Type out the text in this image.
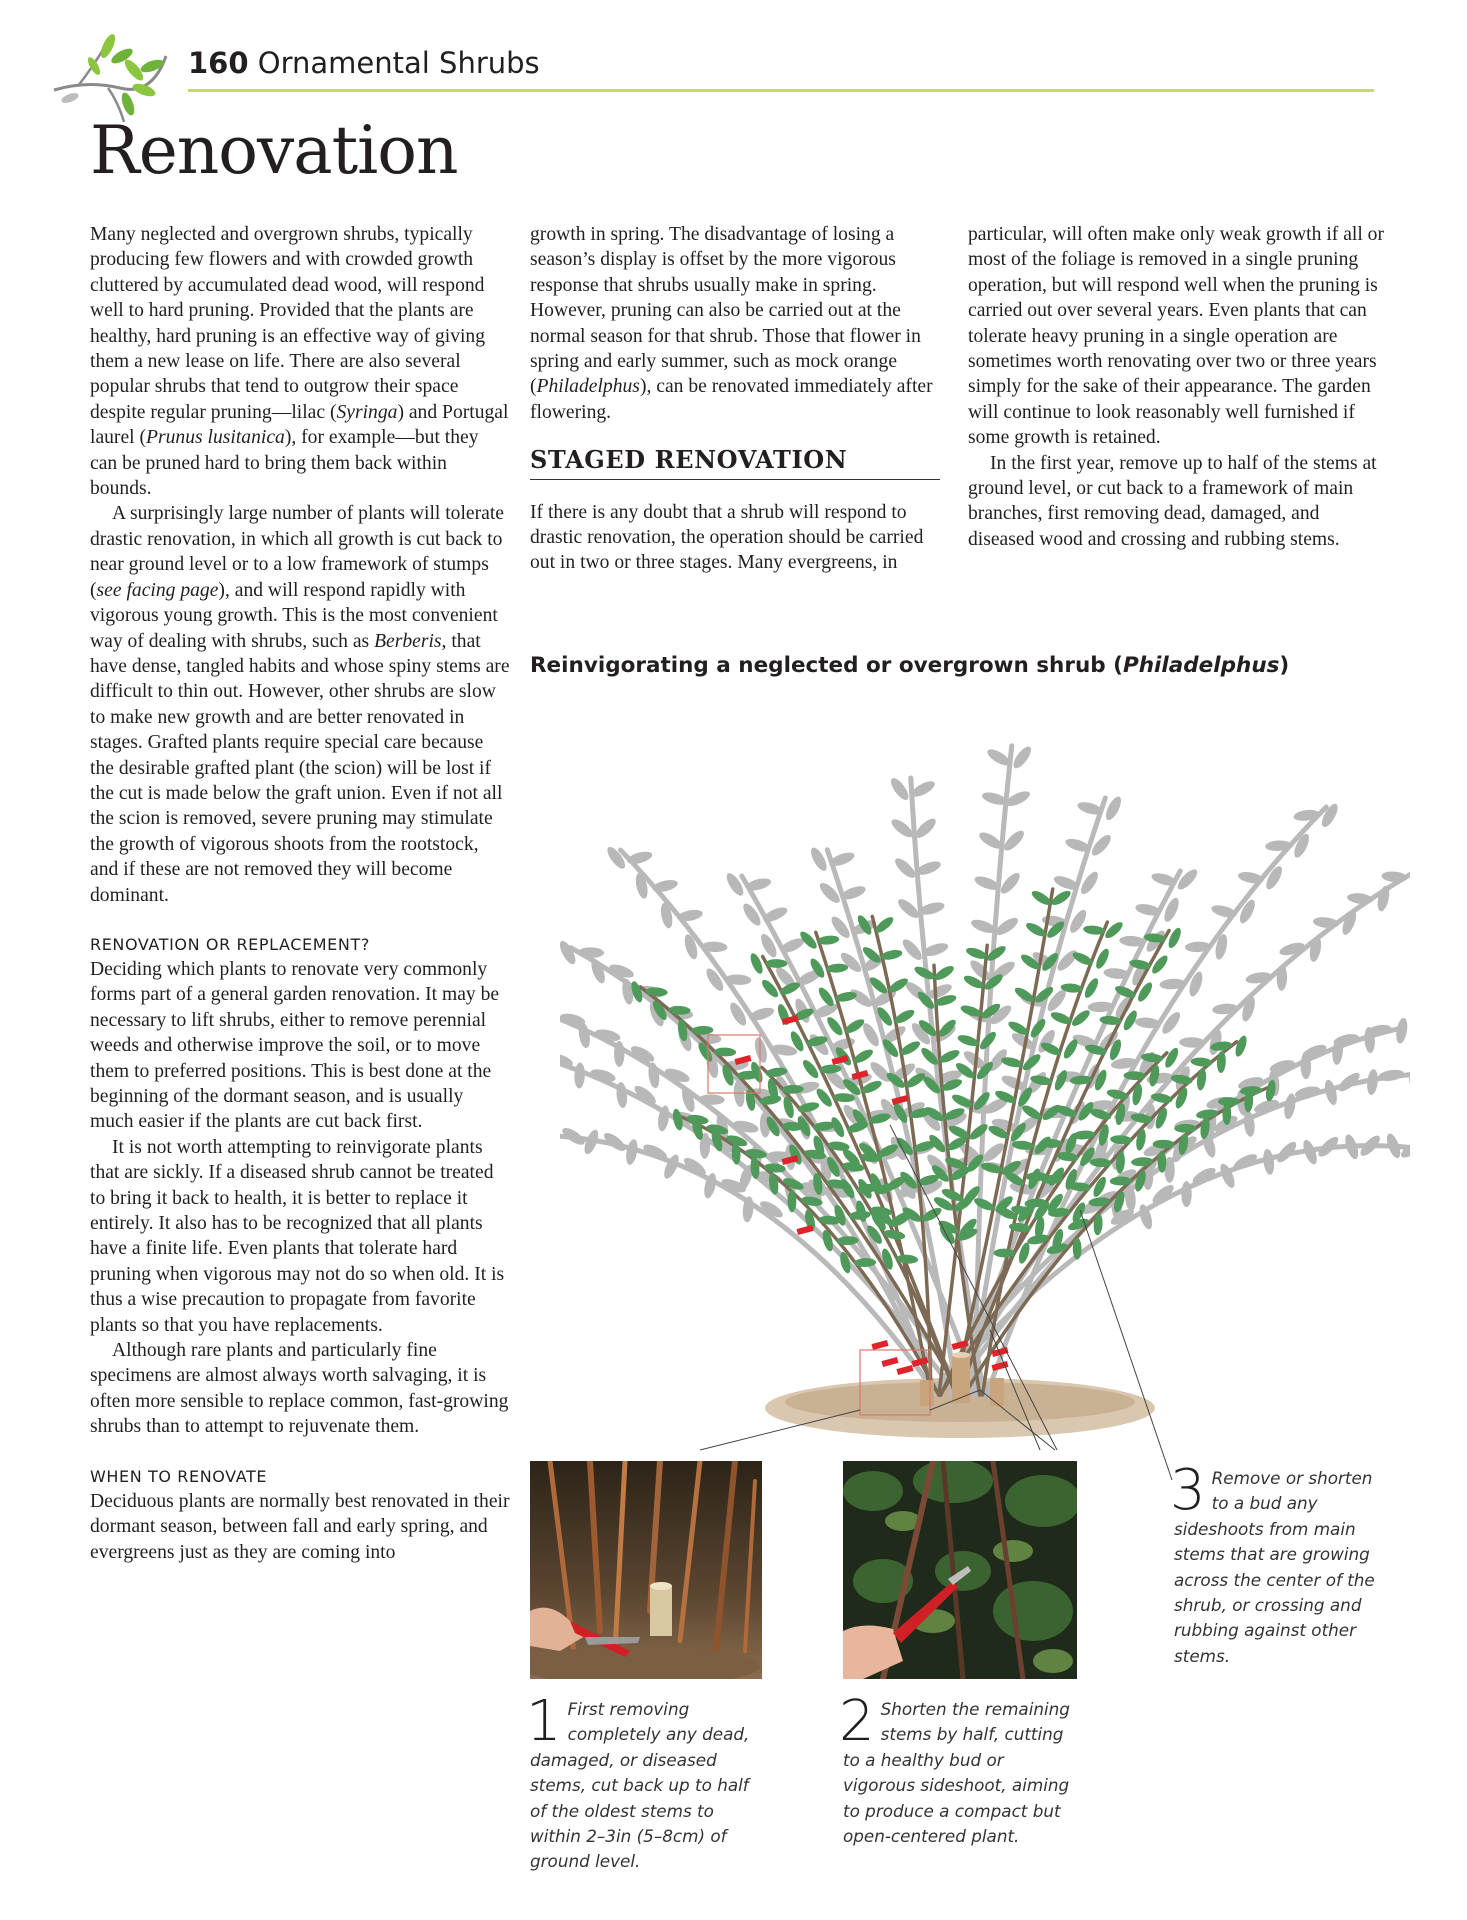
160 Ornamental Shrubs
Renovation

Many neglected and overgrown shrubs, typically producing few flowers and with crowded growth cluttered by accumulated dead wood, will respond well to hard pruning. Provided that the plants are healthy, hard pruning is an effective way of giving them a new lease on life. There are also several popular shrubs that tend to outgrow their space despite regular pruning—lilac (Syringa) and Portugal laurel (Prunus lusitanica), for example—but they can be pruned hard to bring them back within bounds.

A surprisingly large number of plants will tolerate drastic renovation, in which all growth is cut back to near ground level or to a low framework of stumps (see facing page), and will respond rapidly with vigorous young growth. This is the most convenient way of dealing with shrubs, such as Berberis, that have dense, tangled habits and whose spiny stems are difficult to thin out. However, other shrubs are slow to make new growth and are better renovated in stages. Grafted plants require special care because the desirable grafted plant (the scion) will be lost if the cut is made below the graft union. Even if not all the scion is removed, severe pruning may stimulate the growth of vigorous shoots from the rootstock, and if these are not removed they will become dominant.

RENOVATION OR REPLACEMENT?

Deciding which plants to renovate very commonly forms part of a general garden renovation. It may be necessary to lift shrubs, either to remove perennial weeds and otherwise improve the soil, or to move them to preferred positions. This is best done at the beginning of the dormant season, and is usually much easier if the plants are cut back first.

It is not worth attempting to reinvigorate plants that are sickly. If a diseased shrub cannot be treated to bring it back to health, it is better to replace it entirely. It also has to be recognized that all plants have a finite life. Even plants that tolerate hard pruning when vigorous may not do so when old. It is thus a wise precaution to propagate from favorite plants so that you have replacements.

Although rare plants and particularly fine specimens are almost always worth salvaging, it is often more sensible to replace common, fast-growing shrubs than to attempt to rejuvenate them.

WHEN TO RENOVATE

Deciduous plants are normally best renovated in their dormant season, between fall and early spring, and evergreens just as they are coming into

growth in spring. The disadvantage of losing a season’s display is offset by the more vigorous response that shrubs usually make in spring. However, pruning can also be carried out at the normal season for that shrub. Those that flower in spring and early summer, such as mock orange (Philadelphus), can be renovated immediately after flowering.

STAGED RENOVATION

If there is any doubt that a shrub will respond to drastic renovation, the operation should be carried out in two or three stages. Many evergreens, in

particular, will often make only weak growth if all or most of the foliage is removed in a single pruning operation, but will respond well when the pruning is carried out over several years. Even plants that can tolerate heavy pruning in a single operation are sometimes worth renovating over two or three years simply for the sake of their appearance. The garden will continue to look reasonably well furnished if some growth is retained.

In the first year, remove up to half of the stems at ground level, or cut back to a framework of main branches, first removing dead, damaged, and diseased wood and crossing and rubbing stems.

Reinvigorating a neglected or overgrown shrub (Philadelphus)
1 First removing completely any dead, damaged, or diseased stems, cut back up to half of the oldest stems to within 2–3in (5–8cm) of ground level.
2 Shorten the remaining stems by half, cutting to a healthy bud or vigorous sideshoot, aiming to produce a compact but open-centered plant.
3 Remove or shorten to a bud any sideshoots from main stems that are growing across the center of the shrub, or crossing and rubbing against other stems.
